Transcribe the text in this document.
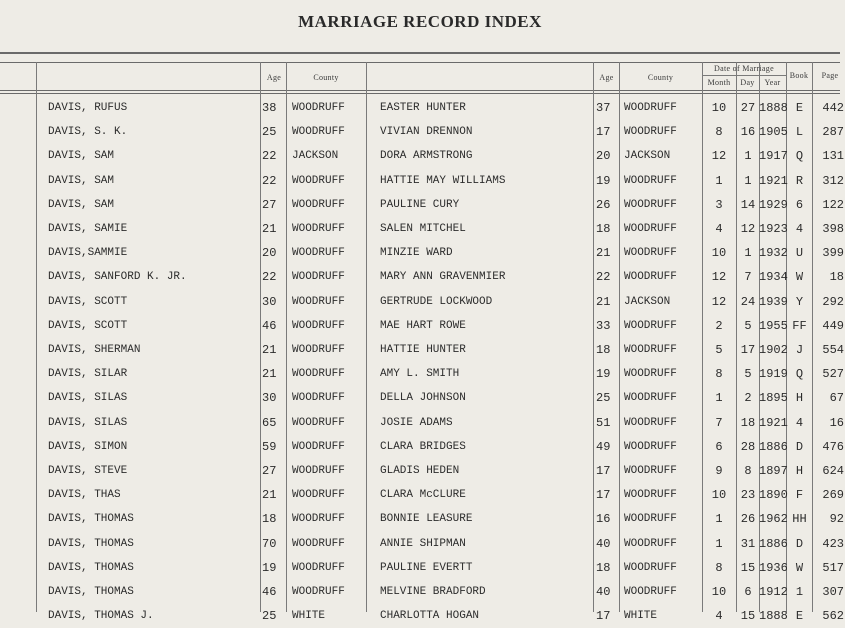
MARRIAGE RECORD INDEX
Age	County	Age	County
Date of Marriage
Month	Day	Year
Book	Page
DAVIS, RUFUS	38	WOODRUFF	EASTER HUNTER	37	WOODRUFF	10	27 1888 E	442
DAVIS, S. K.	25	WOODRUFF	VIVIAN DRENNON	17	WOODRUFF	8	16 1905 L	287
DAVIS, SAM	22	JACKSON	DORA ARMSTRONG	20	JACKSON	12	1 1917 Q	131
DAVIS, SAM	22	WOODRUFF	HATTIE MAY WILLIAMS	19	WOODRUFF	1	1 1921 R	312
DAVIS, SAM	27	WOODRUFF	PAULINE CURY	26	WOODRUFF	3	14 1929 6	122
DAVIS, SAMIE	21	WOODRUFF	SALEN MITCHEL	18	WOODRUFF	4	12 1923 4	398
DAVIS,SAMMIE	20	WOODRUFF	MINZIE WARD	21	WOODRUFF	10	1 1932 U	399
DAVIS, SANFORD K. JR.	22	WOODRUFF	MARY ANN GRAVENMIER	22	WOODRUFF	12	7 1934 W	18
DAVIS, SCOTT	30	WOODRUFF	GERTRUDE LOCKWOOD	21	JACKSON	12	24 1939 Y	292
DAVIS, SCOTT	46	WOODRUFF	MAE HART ROWE	33	WOODRUFF	2	5 1955 FF	449
DAVIS, SHERMAN	21	WOODRUFF	HATTIE HUNTER	18	WOODRUFF	5	17 1902 J	554
DAVIS, SILAR	21	WOODRUFF	AMY L. SMITH	19	WOODRUFF	8	5 1919 Q	527
DAVIS, SILAS	30	WOODRUFF	DELLA JOHNSON	25	WOODRUFF	1	2 1895 H	67
DAVIS, SILAS	65	WOODRUFF	JOSIE ADAMS	51	WOODRUFF	7	18 1921 4	16
DAVIS, SIMON	59	WOODRUFF	CLARA BRIDGES	49	WOODRUFF	6	28 1886 D	476
DAVIS, STEVE	27	WOODRUFF	GLADIS HEDEN	17	WOODRUFF	9	8 1897 H	624
DAVIS, THAS	21	WOODRUFF	CLARA McCLURE	17	WOODRUFF	10	23 1890 F	269
DAVIS, THOMAS	18	WOODRUFF	BONNIE LEASURE	16	WOODRUFF	1	26 1962 HH	92
DAVIS, THOMAS	70	WOODRUFF	ANNIE SHIPMAN	40	WOODRUFF	1	31 1886 D	423
DAVIS, THOMAS	19	WOODRUFF	PAULINE EVERTT	18	WOODRUFF	8	15 1936 W	517
DAVIS, THOMAS	46	WOODRUFF	MELVINE BRADFORD	40	WOODRUFF	10	6 1912 1	307
DAVIS, THOMAS J.	25	WHITE	CHARLOTTA HOGAN	17	WHITE	4	15 1888 E	562
